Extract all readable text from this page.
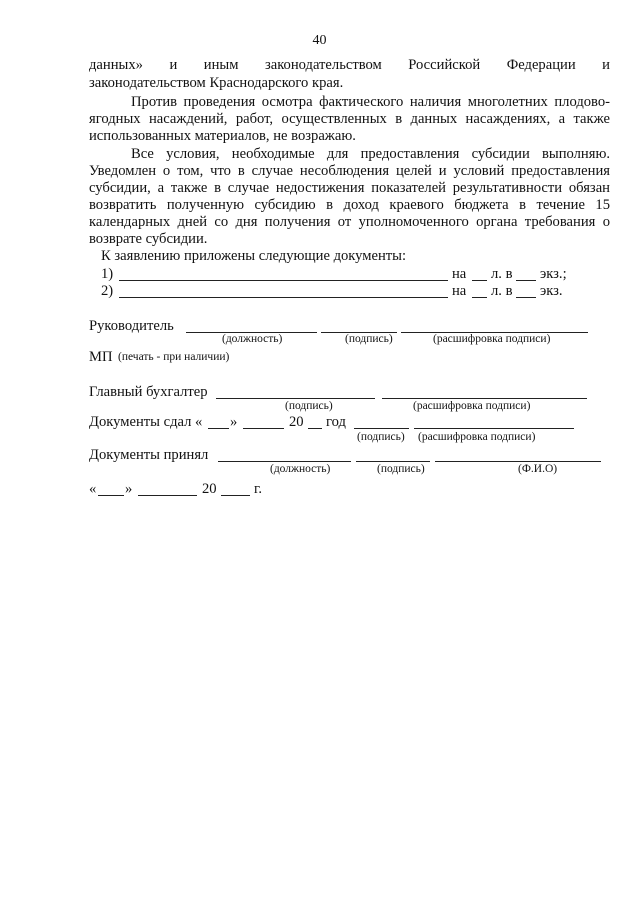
40
данных» и иным законодательством Российской Федерации и
законодательством Краснодарского края.
Против проведения осмотра фактического наличия многолетних плодово-
ягодных насаждений, работ, осуществленных в данных насаждениях, а также
использованных материалов, не возражаю.
Все условия, необходимые для предоставления субсидии выполняю.
Уведомлен о том, что в случае несоблюдения целей и условий предоставления
субсидии, а также в случае недостижения показателей результативности обязан
возвратить полученную субсидию в доход краевого бюджета в течение 15
календарных дней со дня получения от уполномоченного органа требования о
возврате субсидии.
К заявлению приложены следующие документы:
1)	на л. в экз.;
2)	на л. в экз.
Руководитель
(должность)	(подпись)	(расшифровка подписи)
МП (печать - при наличии)
Главный бухгалтер
(подпись)	(расшифровка подписи)
Документы сдал « »	20 год
(подпись) (расшифровка подписи)
Документы принял
(должность)	(подпись)	(Ф.И.О)
« »	20	г.
